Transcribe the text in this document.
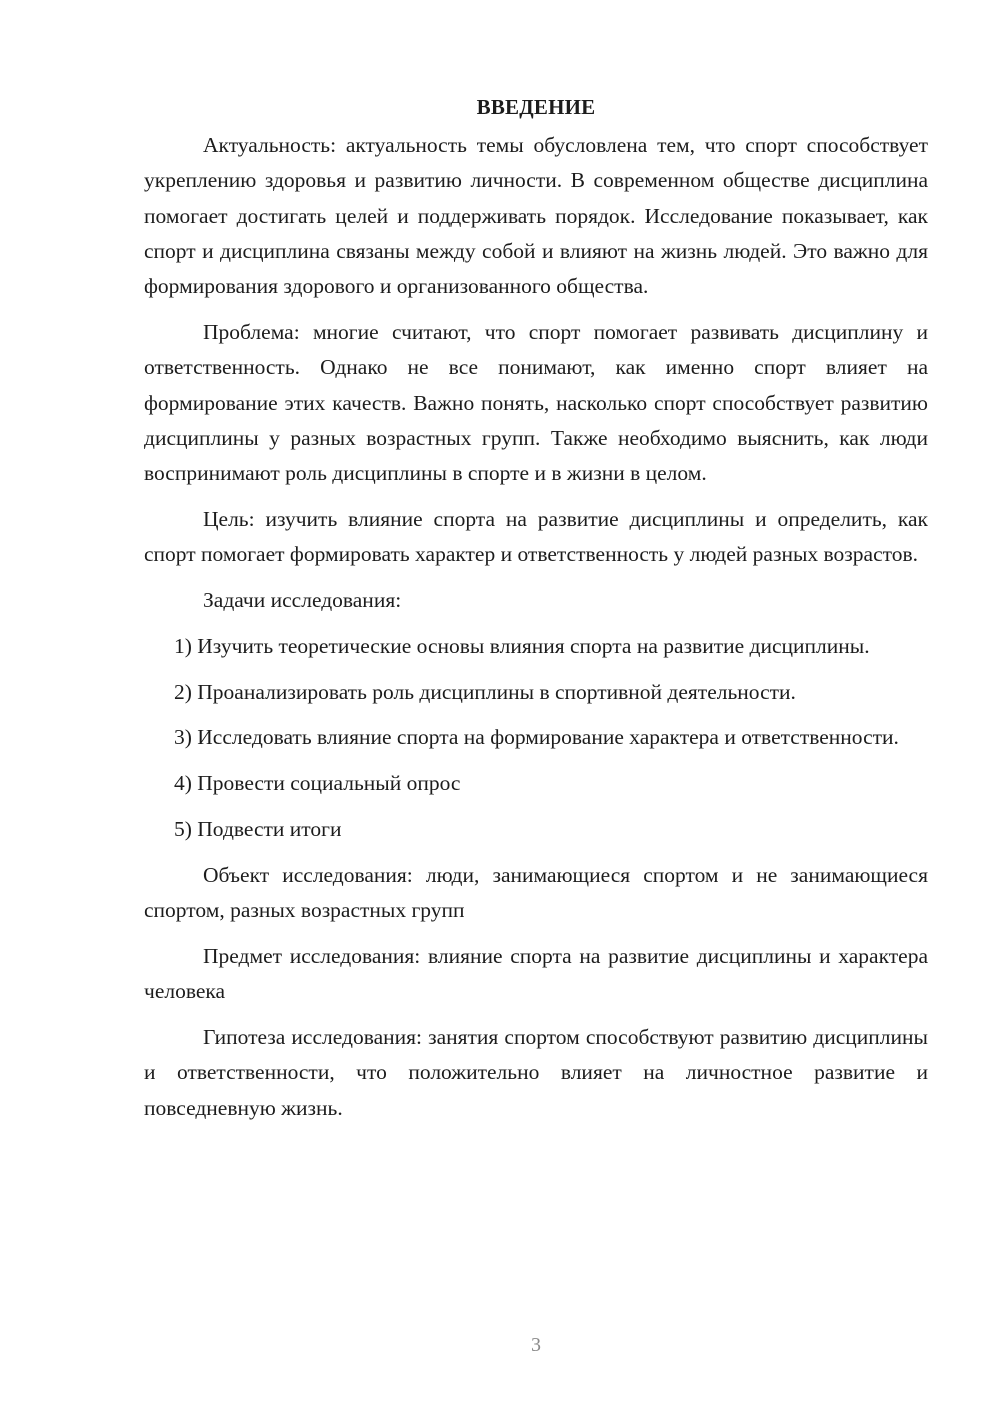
ВВЕДЕНИЕ

Актуальность: актуальность темы обусловлена тем, что спорт способствует укреплению здоровья и развитию личности. В современном обществе дисциплина помогает достигать целей и поддерживать порядок. Исследование показывает, как спорт и дисциплина связаны между собой и влияют на жизнь людей. Это важно для формирования здорового и организованного общества.

Проблема: многие считают, что спорт помогает развивать дисциплину и ответственность. Однако не все понимают, как именно спорт влияет на формирование этих качеств. Важно понять, насколько спорт способствует развитию дисциплины у разных возрастных групп. Также необходимо выяснить, как люди воспринимают роль дисциплины в спорте и в жизни в целом.

Цель: изучить влияние спорта на развитие дисциплины и определить, как спорт помогает формировать характер и ответственность у людей разных возрастов.

Задачи исследования:

1) Изучить теоретические основы влияния спорта на развитие дисциплины.

2) Проанализировать роль дисциплины в спортивной деятельности.

3) Исследовать влияние спорта на формирование характера и ответственности.

4) Провести социальный опрос

5) Подвести итоги

Объект исследования: люди, занимающиеся спортом и не занимающиеся спортом, разных возрастных групп

Предмет исследования: влияние спорта на развитие дисциплины и характера человека

Гипотеза исследования: занятия спортом способствуют развитию дисциплины и ответственности, что положительно влияет на личностное развитие и повседневную жизнь.

3
